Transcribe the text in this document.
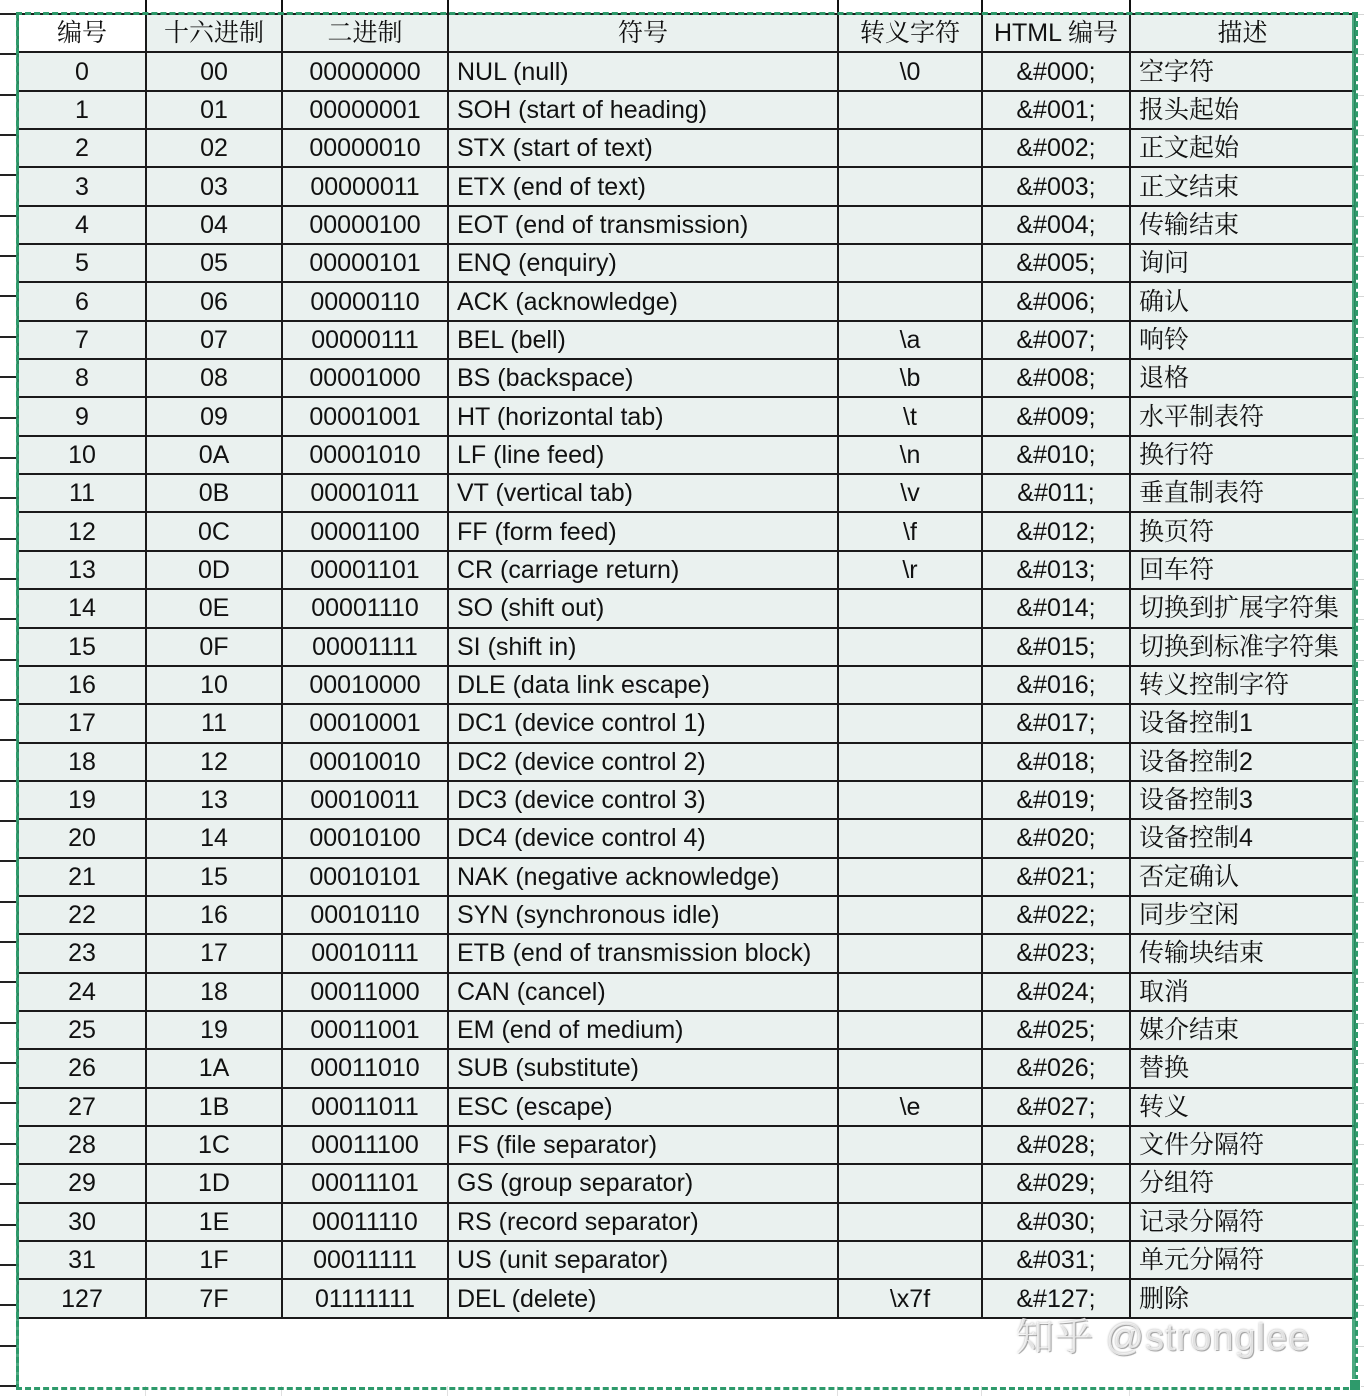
编号	十六进制	二进制	符号	转义字符	HTML 编号	描述
0	00	00000000	NUL (null)	\0	&#000;	空字符
1	01	00000001	SOH (start of heading)		&#001;	报头起始
2	02	00000010	STX (start of text)		&#002;	正文起始
3	03	00000011	ETX (end of text)		&#003;	正文结束
4	04	00000100	EOT (end of transmission)		&#004;	传输结束
5	05	00000101	ENQ (enquiry)		&#005;	询问
6	06	00000110	ACK (acknowledge)		&#006;	确认
7	07	00000111	BEL (bell)	\a	&#007;	响铃
8	08	00001000	BS (backspace)	\b	&#008;	退格
9	09	00001001	HT (horizontal tab)	\t	&#009;	水平制表符
10	0A	00001010	LF (line feed)	\n	&#010;	换行符
11	0B	00001011	VT (vertical tab)	\v	&#011;	垂直制表符
12	0C	00001100	FF (form feed)	\f	&#012;	换页符
13	0D	00001101	CR (carriage return)	\r	&#013;	回车符
14	0E	00001110	SO (shift out)		&#014;	切换到扩展字符集
15	0F	00001111	SI (shift in)		&#015;	切换到标准字符集
16	10	00010000	DLE (data link escape)		&#016;	转义控制字符
17	11	00010001	DC1 (device control 1)		&#017;	设备控制1
18	12	00010010	DC2 (device control 2)		&#018;	设备控制2
19	13	00010011	DC3 (device control 3)		&#019;	设备控制3
20	14	00010100	DC4 (device control 4)		&#020;	设备控制4
21	15	00010101	NAK (negative acknowledge)		&#021;	否定确认
22	16	00010110	SYN (synchronous idle)		&#022;	同步空闲
23	17	00010111	ETB (end of transmission block)		&#023;	传输块结束
24	18	00011000	CAN (cancel)		&#024;	取消
25	19	00011001	EM (end of medium)		&#025;	媒介结束
26	1A	00011010	SUB (substitute)		&#026;	替换
27	1B	00011011	ESC (escape)	\e	&#027;	转义
28	1C	00011100	FS (file separator)		&#028;	文件分隔符
29	1D	00011101	GS (group separator)		&#029;	分组符
30	1E	00011110	RS (record separator)		&#030;	记录分隔符
31	1F	00011111	US (unit separator)		&#031;	单元分隔符
127	7F	01111111	DEL (delete)	\x7f	&#127;	删除
知乎 @stronglee
